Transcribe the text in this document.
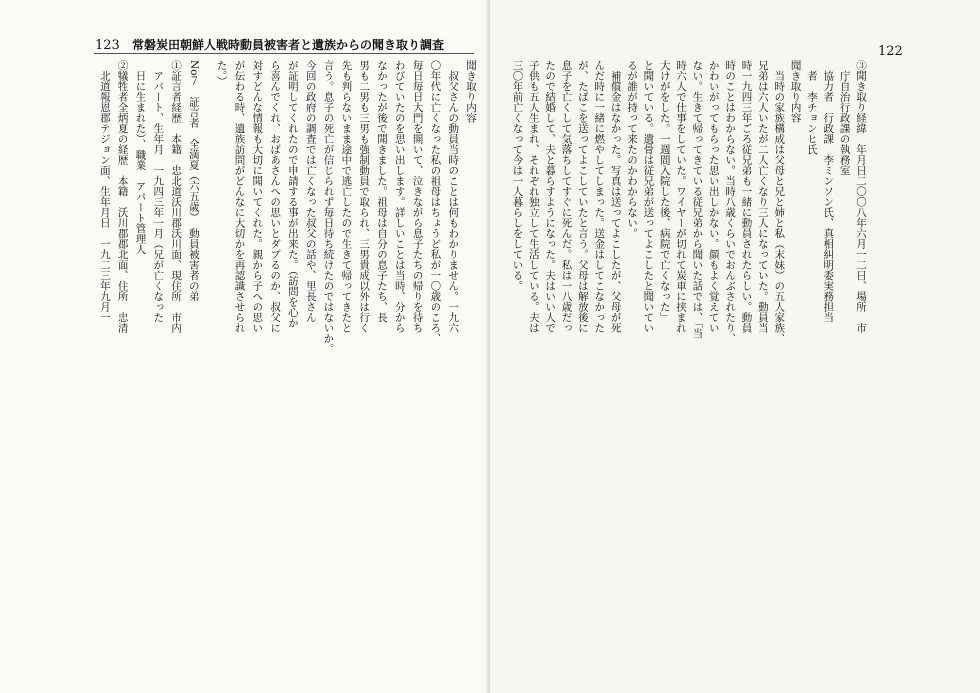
123 常磐炭田朝鮮人戦時動員被害者と遺族からの聞き取り調査
聞き取り内容
　叔父さんの動員当時のことは何もわかりません。一九六
〇年代に亡くなった私の祖母はちょうど私が一〇歳のころ、
毎日毎日大門を開いて、泣きながら息子たちの帰りを待ち
わびていたのを思い出します。詳しいことは当時、分から
なかったが後で聞きました。祖母は自分の息子たち、長
男も二男も三男も強制動員で取られ、三男貴成以外は行く
先も判らないまま途中で逃亡したので生きて帰ってきたと
言う。息子の死亡が信じられず毎日待ち続けたのではないか。
今回の政府の調査では亡くなった叔父の話や、里長さん
が証明してくれたので申請する事が出来た。（訪問を心か
ら喜んでくれ、おばあさんへの思いとダブるのか、叔父に
対すどんな情報も大切に聞いてくれた。親から子への思い
が伝わる時、遺族訪問がどんなに大切かを再認識させられ
た。）
No７　証言者　全満夏（六五歳）　動員被害者の弟
①証言者経歴　本籍　忠北道沃川郡沃川面、現住所　市内
　アパート、生年月　一九四三年一月（兄が亡くなった
　日に生まれた）、職業　アパート管理人
②犠牲者全炳夏の経歴　本籍　沃川郡郡北面、住所　忠清
　北道報恩郡テジョン面、生年月日　一九二三年九月一
122
③聞き取り経緯　年月日二〇〇八年六月一二日、場所　市
　庁自治行政課の執務室
　協力者　行政課　李ミンソン氏、真相糾明委実務担当
　者　李チョンヒ氏
聞き取り内容
　当時の家族構成は父母と兄と姉と私（末妹）の五人家族、
兄弟は六人いたが二人亡くなり三人になっていた。動員当
時一九四三年ごろ従兄弟も一緒に動員されたらしい。動員
時のことはわからない。当時八歳くらいでおんぶされたり、
かわいがってもらった思い出しかない。顔もよく覚えてい
ない。生きて帰ってきている従兄弟から聞いた話では、「当
時六人で仕事をしていた。ワイヤーが切れて炭車に挟まれ
大けがをした。一週間入院した後、病院で亡くなった」
と聞いている。遺骨は従兄弟が送ってよこしたと聞いてい
るが誰が持って来たのかわからない。
　補償金はなかった。写真は送ってよこしたが、父母が死
んだ時に一緒に燃やしてしまった。送金はしてこなかった
が、たばこを送ってよこしていたと言う。父母は解放後に
息子を亡くして気落ちしてすぐに死んだ。私は一八歳だっ
たので結婚して、夫と暮らすようになった。夫はいい人で
子供も五人生まれ、それぞれ独立して生活している。夫は
三〇年前亡くなって今は一人暮らしをしている。
